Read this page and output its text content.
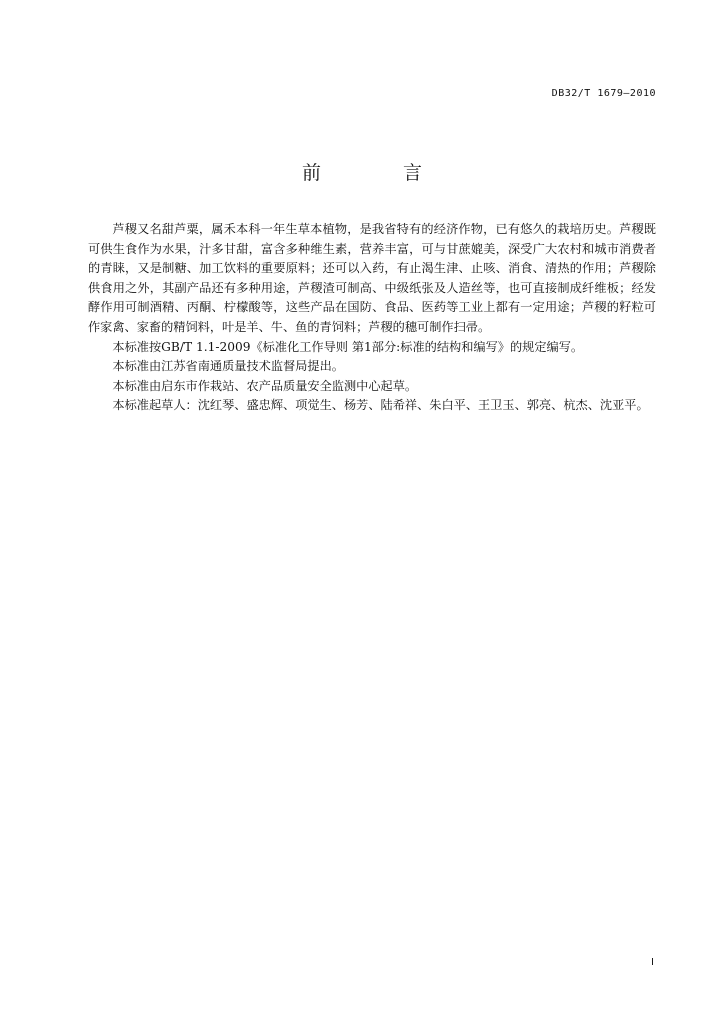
DB32/T 1679—2010
前 言

芦稷又名甜芦粟，属禾本科一年生草本植物，是我省特有的经济作物，已有悠久的栽培历史。芦稷既可供生食作为水果，汁多甘甜，富含多种维生素，营养丰富，可与甘蔗媲美，深受广大农村和城市消费者的青睐，又是制糖、加工饮料的重要原料；还可以入药，有止渴生津、止咳、消食、清热的作用；芦稷除供食用之外，其副产品还有多种用途，芦稷渣可制高、中级纸张及人造丝等，也可直接制成纤维板；经发酵作用可制酒精、丙酮、柠檬酸等，这些产品在国防、食品、医药等工业上都有一定用途；芦稷的籽粒可作家禽、家畜的精饲料，叶是羊、牛、鱼的青饲料；芦稷的穗可制作扫帚。

本标准按GB/T 1.1-2009《标准化工作导则 第1部分:标准的结构和编写》的规定编写。

本标准由江苏省南通质量技术监督局提出。

本标准由启东市作栽站、农产品质量安全监测中心起草。

本标准起草人：沈红琴、盛忠辉、项觉生、杨芳、陆希祥、朱白平、王卫玉、郭亮、杭杰、沈亚平。

I
